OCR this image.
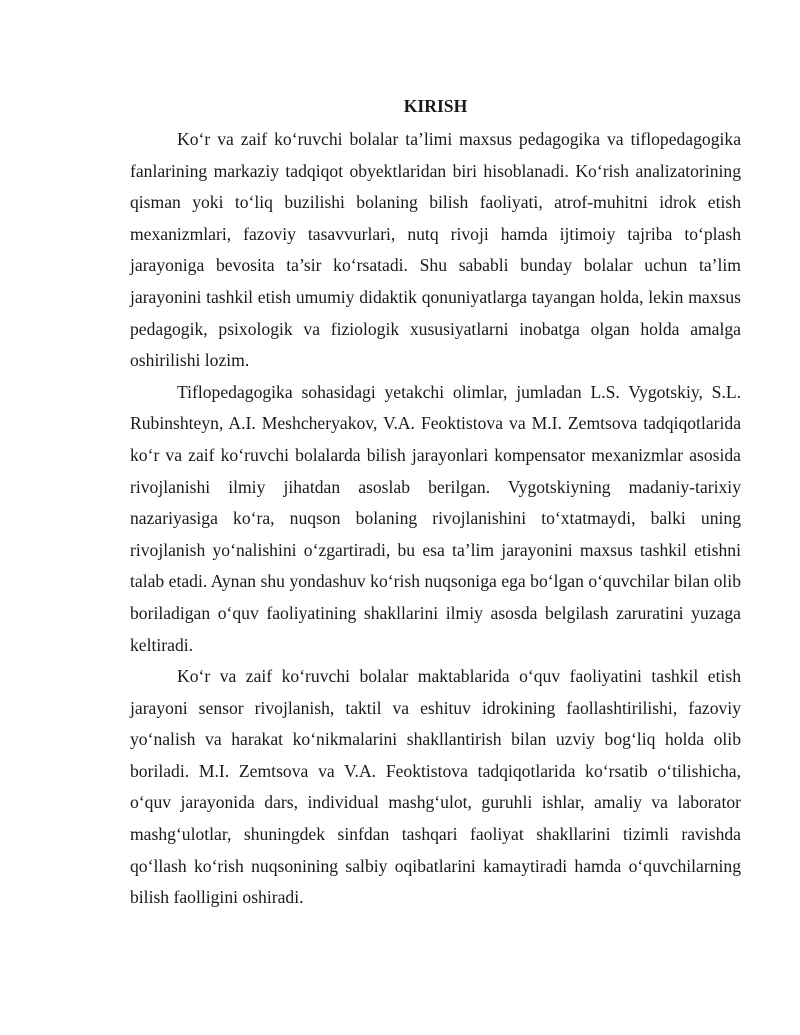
KIRISH

Ko‘r va zaif ko‘ruvchi bolalar ta’limi maxsus pedagogika va tiflopedagogika fanlarining markaziy tadqiqot obyektlaridan biri hisoblanadi. Ko‘rish analizatorining qisman yoki to‘liq buzilishi bolaning bilish faoliyati, atrof-muhitni idrok etish mexanizmlari, fazoviy tasavvurlari, nutq rivoji hamda ijtimoiy tajriba to‘plash jarayoniga bevosita ta’sir ko‘rsatadi. Shu sababli bunday bolalar uchun ta’lim jarayonini tashkil etish umumiy didaktik qonuniyatlarga tayangan holda, lekin maxsus pedagogik, psixologik va fiziologik xususiyatlarni inobatga olgan holda amalga oshirilishi lozim.

Tiflopedagogika sohasidagi yetakchi olimlar, jumladan L.S. Vygotskiy, S.L. Rubinshteyn, A.I. Meshcheryakov, V.A. Feoktistova va M.I. Zemtsova tadqiqotlarida ko‘r va zaif ko‘ruvchi bolalarda bilish jarayonlari kompensator mexanizmlar asosida rivojlanishi ilmiy jihatdan asoslab berilgan. Vygotskiyning madaniy-tarixiy nazariyasiga ko‘ra, nuqson bolaning rivojlanishini to‘xtatmaydi, balki uning rivojlanish yo‘nalishini o‘zgartiradi, bu esa ta’lim jarayonini maxsus tashkil etishni talab etadi. Aynan shu yondashuv ko‘rish nuqsoniga ega bo‘lgan o‘quvchilar bilan olib boriladigan o‘quv faoliyatining shakllarini ilmiy asosda belgilash zaruratini yuzaga keltiradi.

Ko‘r va zaif ko‘ruvchi bolalar maktablarida o‘quv faoliyatini tashkil etish jarayoni sensor rivojlanish, taktil va eshituv idrokining faollashtirilishi, fazoviy yo‘nalish va harakat ko‘nikmalarini shakllantirish bilan uzviy bog‘liq holda olib boriladi. M.I. Zemtsova va V.A. Feoktistova tadqiqotlarida ko‘rsatib o‘tilishicha, o‘quv jarayonida dars, individual mashg‘ulot, guruhli ishlar, amaliy va laborator mashg‘ulotlar, shuningdek sinfdan tashqari faoliyat shakllarini tizimli ravishda qo‘llash ko‘rish nuqsonining salbiy oqibatlarini kamaytiradi hamda o‘quvchilarning bilish faolligini oshiradi.
